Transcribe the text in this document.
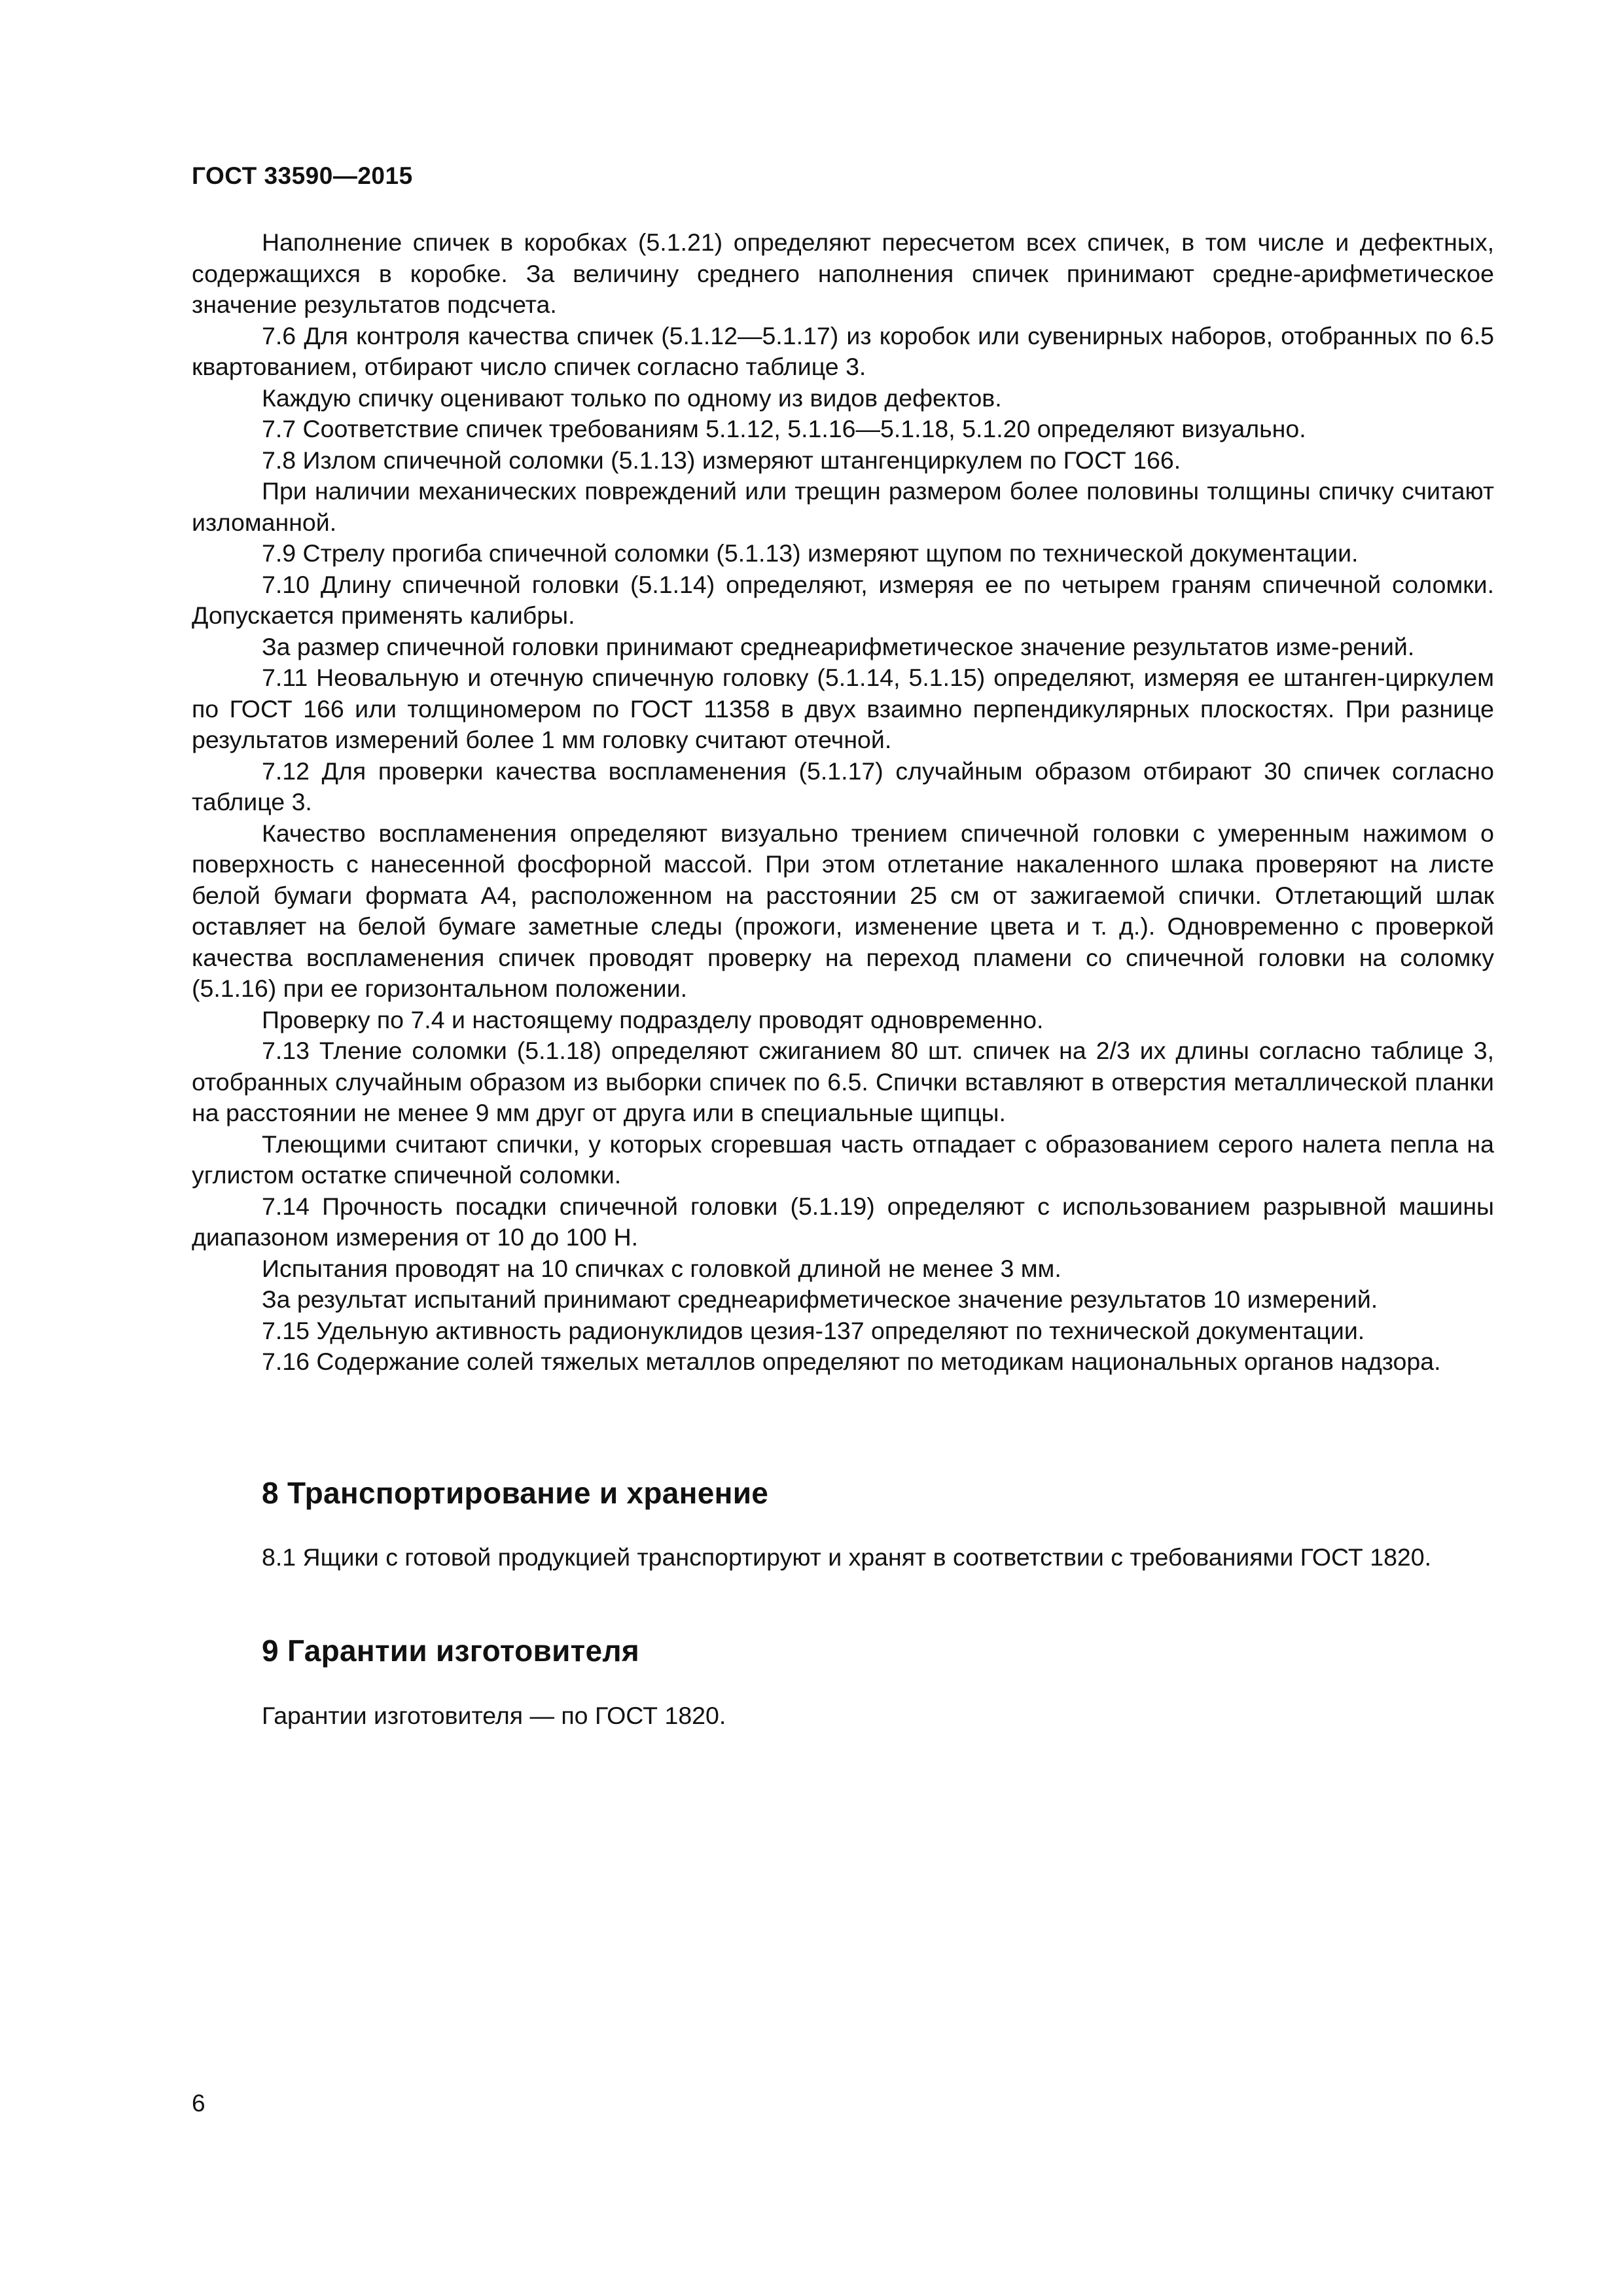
ГОСТ 33590—2015

Наполнение спичек в коробках (5.1.21) определяют пересчетом всех спичек, в том числе и дефектных, содержащихся в коробке. За величину среднего наполнения спичек принимают средне-арифметическое значение результатов подсчета.

7.6 Для контроля качества спичек (5.1.12—5.1.17) из коробок или сувенирных наборов, отобранных по 6.5 квартованием, отбирают число спичек согласно таблице 3.

Каждую спичку оценивают только по одному из видов дефектов.

7.7 Соответствие спичек требованиям 5.1.12, 5.1.16—5.1.18, 5.1.20 определяют визуально.

7.8 Излом спичечной соломки (5.1.13) измеряют штангенциркулем по ГОСТ 166.

При наличии механических повреждений или трещин размером более половины толщины спичку считают изломанной.

7.9 Стрелу прогиба спичечной соломки (5.1.13) измеряют щупом по технической документации.

7.10 Длину спичечной головки (5.1.14) определяют, измеряя ее по четырем граням спичечной соломки. Допускается применять калибры.

За размер спичечной головки принимают среднеарифметическое значение результатов изме-рений.

7.11 Неовальную и отечную спичечную головку (5.1.14, 5.1.15) определяют, измеряя ее штанген-циркулем по ГОСТ 166 или толщиномером по ГОСТ 11358 в двух взаимно перпендикулярных плоскостях. При разнице результатов измерений более 1 мм головку считают отечной.

7.12 Для проверки качества воспламенения (5.1.17) случайным образом отбирают 30 спичек согласно таблице 3.

Качество воспламенения определяют визуально трением спичечной головки с умеренным нажимом о поверхность с нанесенной фосфорной массой. При этом отлетание накаленного шлака проверяют на листе белой бумаги формата А4, расположенном на расстоянии 25 см от зажигаемой спички. Отлетающий шлак оставляет на белой бумаге заметные следы (прожоги, изменение цвета и т. д.). Одновременно с проверкой качества воспламенения спичек проводят проверку на переход пламени со спичечной головки на соломку (5.1.16) при ее горизонтальном положении.

Проверку по 7.4 и настоящему подразделу проводят одновременно.

7.13 Тление соломки (5.1.18) определяют сжиганием 80 шт. спичек на 2/3 их длины согласно таблице 3, отобранных случайным образом из выборки спичек по 6.5. Спички вставляют в отверстия металлической планки на расстоянии не менее 9 мм друг от друга или в специальные щипцы.

Тлеющими считают спички, у которых сгоревшая часть отпадает с образованием серого налета пепла на углистом остатке спичечной соломки.

7.14 Прочность посадки спичечной головки (5.1.19) определяют с использованием разрывной машины диапазоном измерения от 10 до 100 Н.

Испытания проводят на 10 спичках с головкой длиной не менее 3 мм.

За результат испытаний принимают среднеарифметическое значение результатов 10 измерений.

7.15 Удельную активность радионуклидов цезия-137 определяют по технической документации.

7.16 Содержание солей тяжелых металлов определяют по методикам национальных органов надзора.

8 Транспортирование и хранение

8.1 Ящики с готовой продукцией транспортируют и хранят в соответствии с требованиями ГОСТ 1820.

9 Гарантии изготовителя

Гарантии изготовителя — по ГОСТ 1820.

6
